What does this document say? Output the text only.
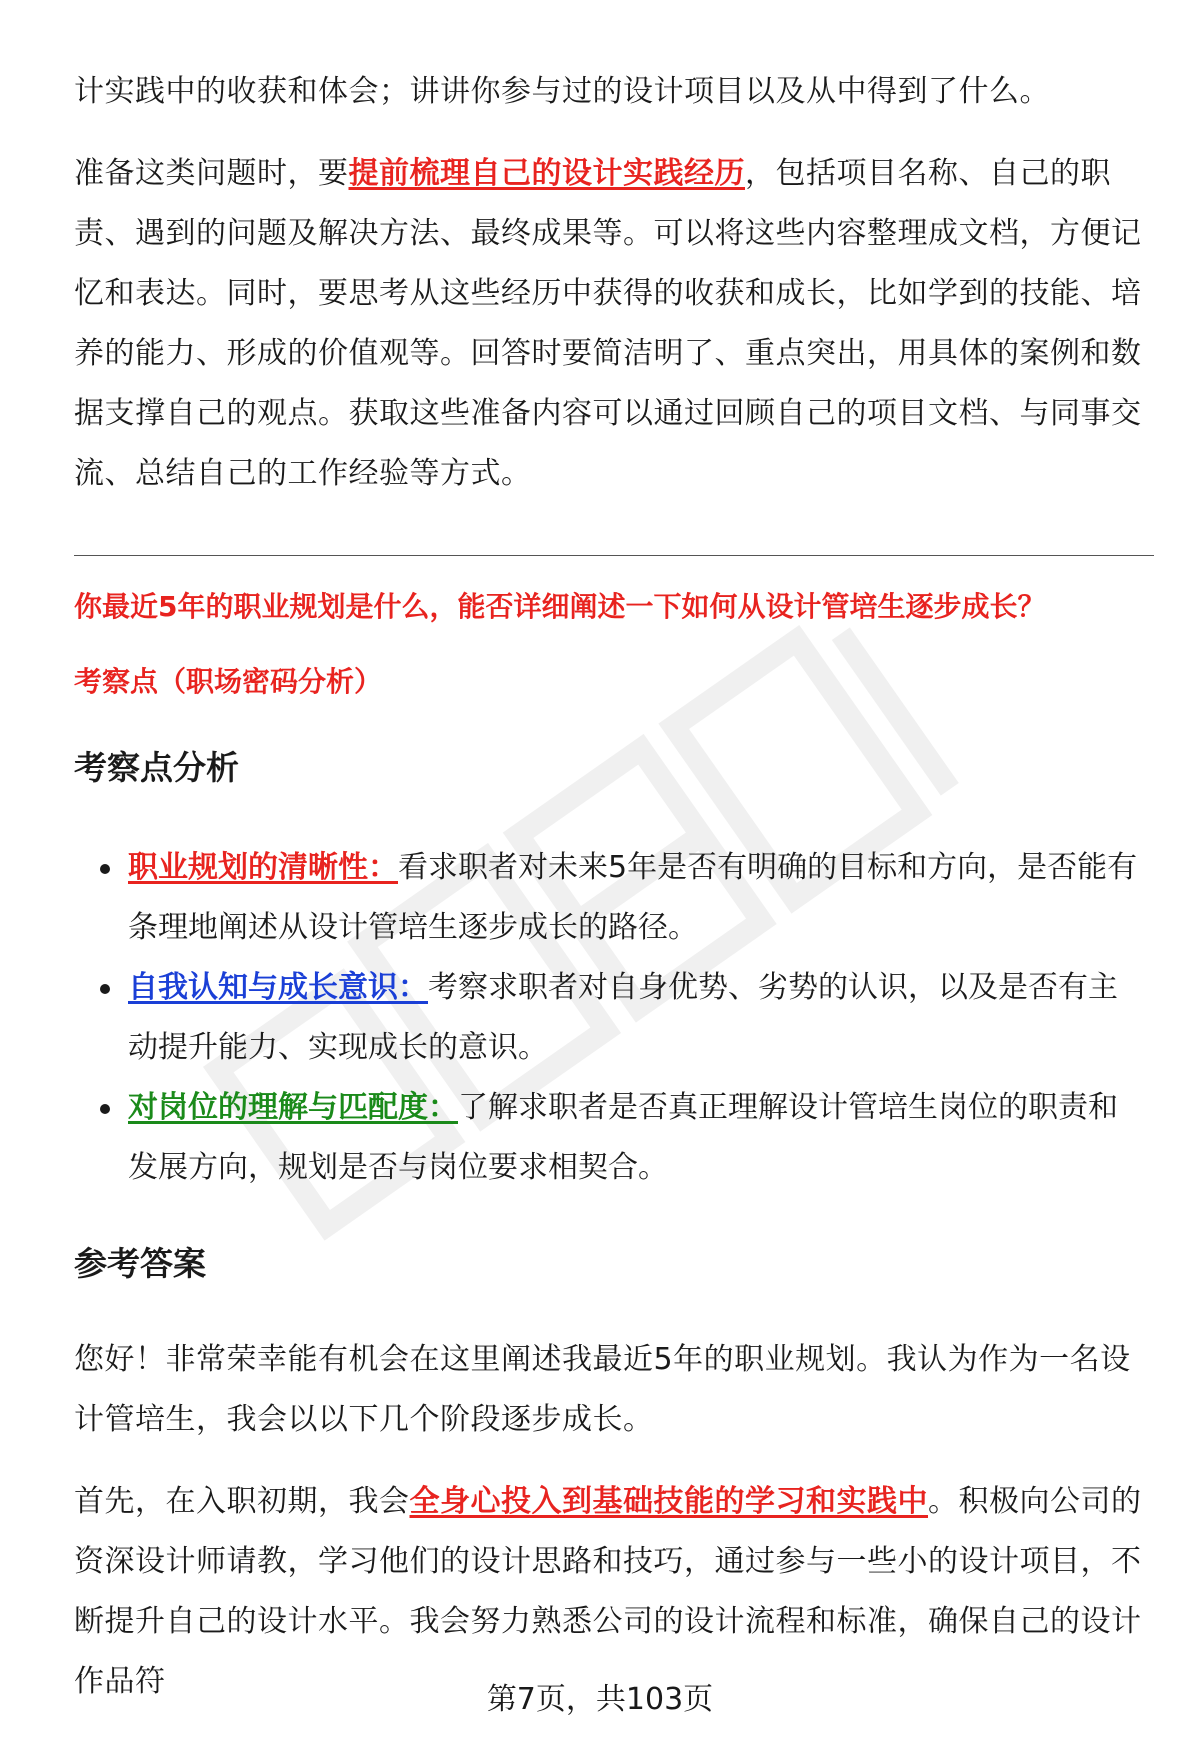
计实践中的收获和体会；讲讲你参与过的设计项目以及从中得到了什么。

准备这类问题时，要提前梳理自己的设计实践经历，包括项目名称、自己的职责、遇到的问题及解决方法、最终成果等。可以将这些内容整理成文档，方便记忆和表达。同时，要思考从这些经历中获得的收获和成长，比如学到的技能、培养的能力、形成的价值观等。回答时要简洁明了、重点突出，用具体的案例和数据支撑自己的观点。获取这些准备内容可以通过回顾自己的项目文档、与同事交流、总结自己的工作经验等方式。

你最近5年的职业规划是什么，能否详细阐述一下如何从设计管培生逐步成长？
考察点（职场密码分析）
考察点分析
职业规划的清晰性：看求职者对未来5年是否有明确的目标和方向，是否能有条理地阐述从设计管培生逐步成长的路径。
自我认知与成长意识：考察求职者对自身优势、劣势的认识，以及是否有主动提升能力、实现成长的意识。
对岗位的理解与匹配度：了解求职者是否真正理解设计管培生岗位的职责和发展方向，规划是否与岗位要求相契合。
参考答案

您好！非常荣幸能有机会在这里阐述我最近5年的职业规划。我认为作为一名设计管培生，我会以以下几个阶段逐步成长。

首先，在入职初期，我会全身心投入到基础技能的学习和实践中。积极向公司的资深设计师请教，学习他们的设计思路和技巧，通过参与一些小的设计项目，不断提升自己的设计水平。我会努力熟悉公司的设计流程和标准，确保自己的设计作品符

第7页，共103页
